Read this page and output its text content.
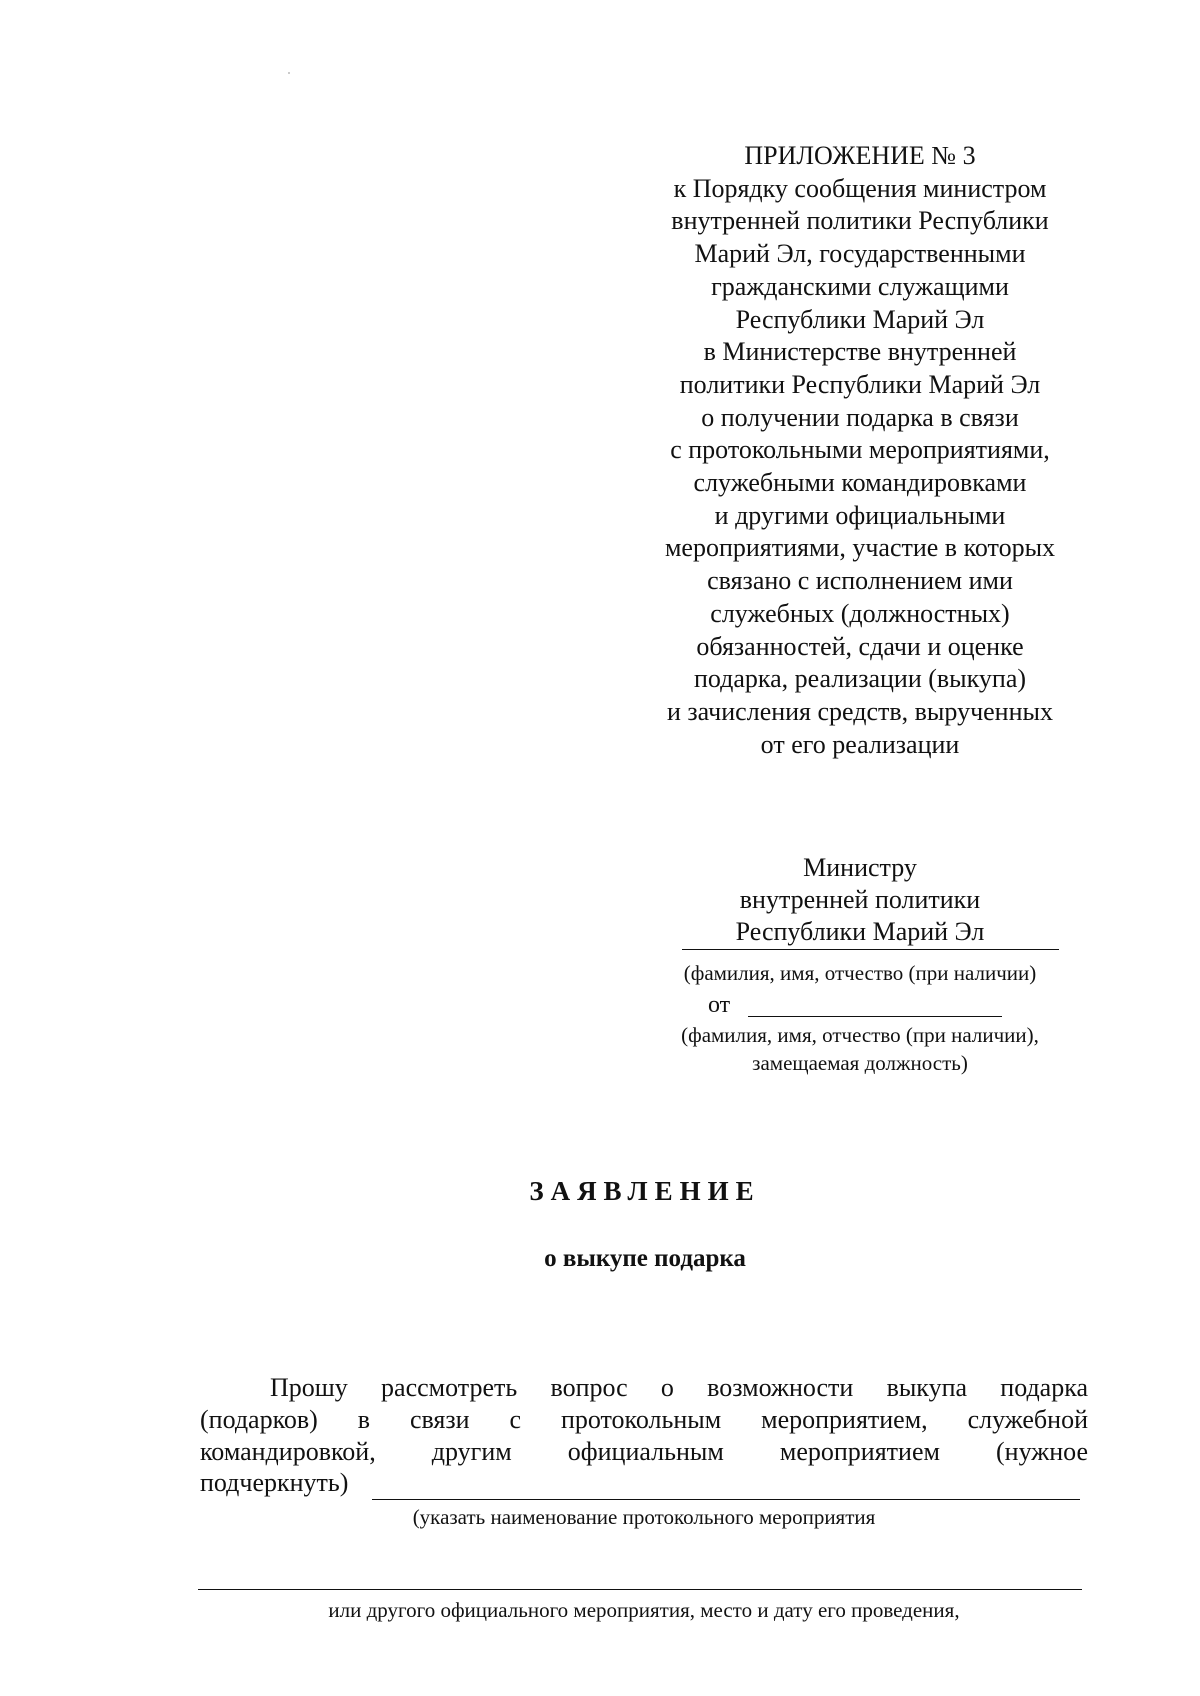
ПРИЛОЖЕНИЕ № 3
к Порядку сообщения министром
внутренней политики Республики
Марий Эл, государственными
гражданскими служащими
Республики Марий Эл
в Министерстве внутренней
политики Республики Марий Эл
о получении подарка в связи
с протокольными мероприятиями,
служебными командировками
и другими официальными
мероприятиями, участие в которых
связано с исполнением ими
служебных (должностных)
обязанностей, сдачи и оценке
подарка, реализации (выкупа)
и зачисления средств, вырученных
от его реализации
Министру
внутренней политики
Республики Марий Эл
(фамилия, имя, отчество (при наличии)
от
(фамилия, имя, отчество (при наличии),
замещаемая должность)
ЗАЯВЛЕНИЕ
о выкупе подарка
Прошу рассмотреть вопрос о возможности выкупа подарка
(подарков) в связи с протокольным мероприятием, служебной
командировкой, другим официальным мероприятием (нужное
подчеркнуть)
(указать наименование протокольного мероприятия
или другого официального мероприятия, место и дату его проведения,
